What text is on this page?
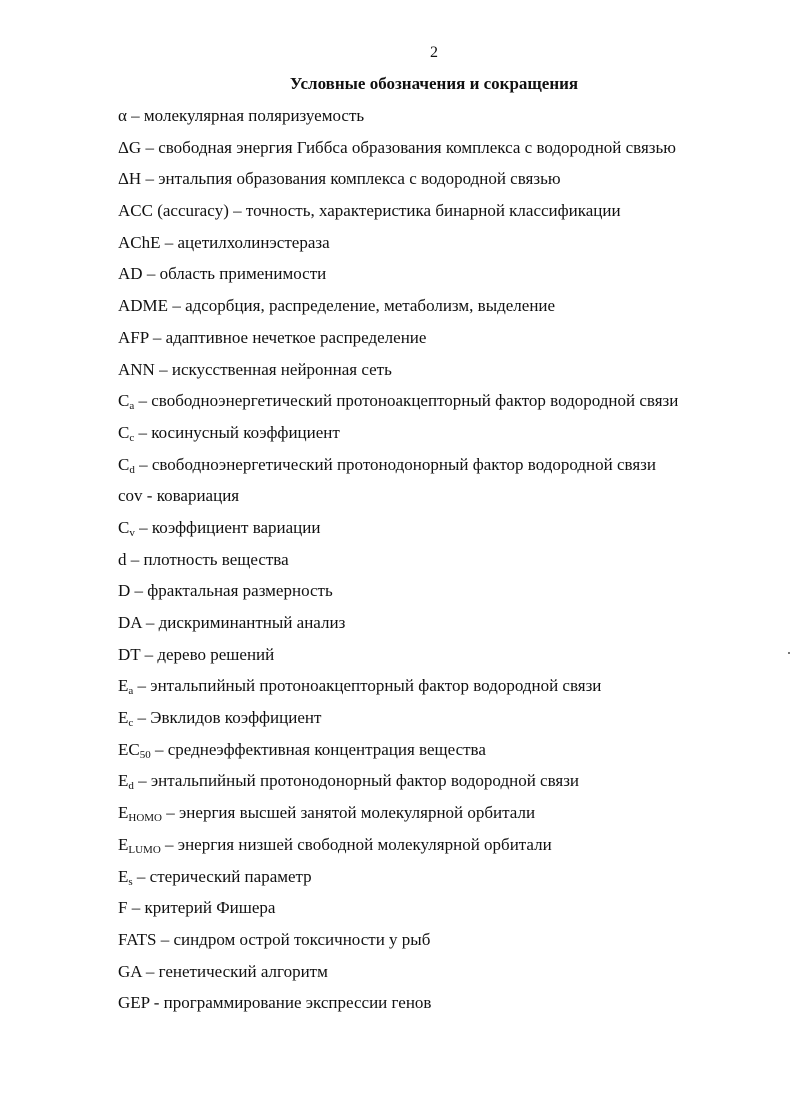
2
Условные обозначения и сокращения
α – молекулярная поляризуемость
ΔG – свободная энергия Гиббса образования комплекса с водородной связью
ΔH – энтальпия образования комплекса с водородной связью
ACC (accuracy) – точность, характеристика бинарной классификации
AChE – ацетилхолинэстераза
AD – область применимости
ADME – адсорбция, распределение, метаболизм, выделение
AFP – адаптивное нечеткое распределение
ANN – искусственная нейронная сеть
$C_a$ – свободноэнергетический протоноакцепторный фактор водородной связи
$C_c$ – косинусный коэффициент
$C_d$ – свободноэнергетический протонодонорный фактор водородной связи
cov - ковариация
$C_v$ – коэффициент вариации
d – плотность вещества
D – фрактальная размерность
DA – дискриминантный анализ
DT – дерево решений
$E_a$ – энтальпийный протоноакцепторный фактор водородной связи
$E_c$ – Эвклидов коэффициент
$EC_{50}$ – среднеэффективная концентрация вещества
$E_d$ – энтальпийный протонодонорный фактор водородной связи
$E_{HOMO}$ – энергия высшей занятой молекулярной орбитали
$E_{LUMO}$ – энергия низшей свободной молекулярной орбитали
$E_s$ – стерический параметр
F – критерий Фишера
FATS – синдром острой токсичности у рыб
GA – генетический алгоритм
GEP - программирование экспрессии генов
